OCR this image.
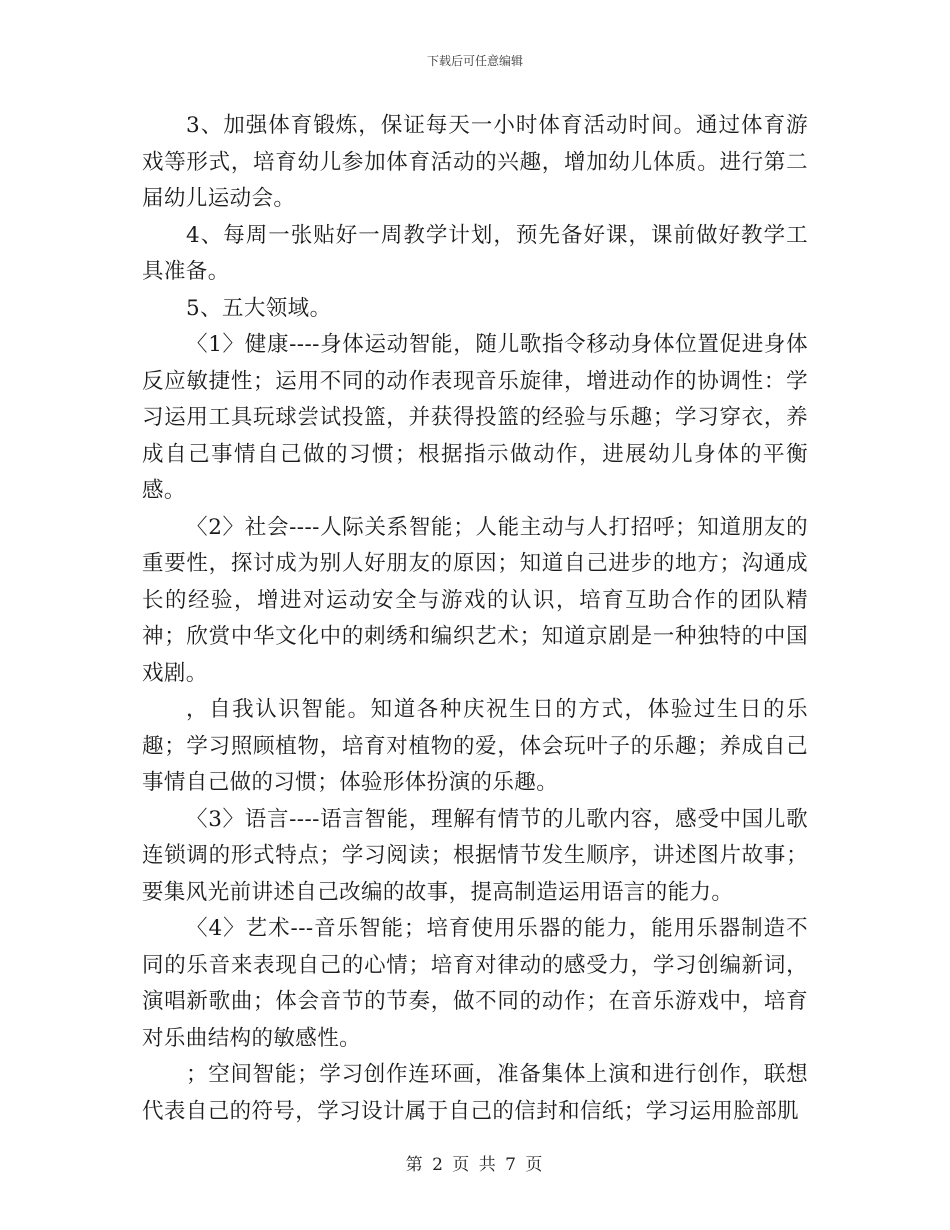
下载后可任意编辑

3、加强体育锻炼，保证每天一小时体育活动时间。通过体育游戏等形式，培育幼儿参加体育活动的兴趣，增加幼儿体质。进行第二届幼儿运动会。

4、每周一张贴好一周教学计划，预先备好课，课前做好教学工具准备。

5、五大领域。

〈1〉健康----身体运动智能，随儿歌指令移动身体位置促进身体反应敏捷性；运用不同的动作表现音乐旋律，增进动作的协调性：学习运用工具玩球尝试投篮，并获得投篮的经验与乐趣；学习穿衣，养成自己事情自己做的习惯；根据指示做动作，进展幼儿身体的平衡感。

〈2〉社会----人际关系智能；人能主动与人打招呼；知道朋友的重要性，探讨成为别人好朋友的原因；知道自己进步的地方；沟通成长的经验，增进对运动安全与游戏的认识，培育互助合作的团队精神；欣赏中华文化中的刺绣和编织艺术；知道京剧是一种独特的中国戏剧。

，自我认识智能。知道各种庆祝生日的方式，体验过生日的乐趣；学习照顾植物，培育对植物的爱，体会玩叶子的乐趣；养成自己事情自己做的习惯；体验形体扮演的乐趣。

〈3〉语言----语言智能，理解有情节的儿歌内容，感受中国儿歌连锁调的形式特点；学习阅读；根据情节发生顺序，讲述图片故事；要集风光前讲述自己改编的故事，提高制造运用语言的能力。

〈4〉艺术---音乐智能；培育使用乐器的能力，能用乐器制造不同的乐音来表现自己的心情；培育对律动的感受力，学习创编新词，演唱新歌曲；体会音节的节奏，做不同的动作；在音乐游戏中，培育对乐曲结构的敏感性。

；空间智能；学习创作连环画，准备集体上演和进行创作，联想代表自己的符号，学习设计属于自己的信封和信纸；学习运用脸部肌

第 2 页 共 7 页
